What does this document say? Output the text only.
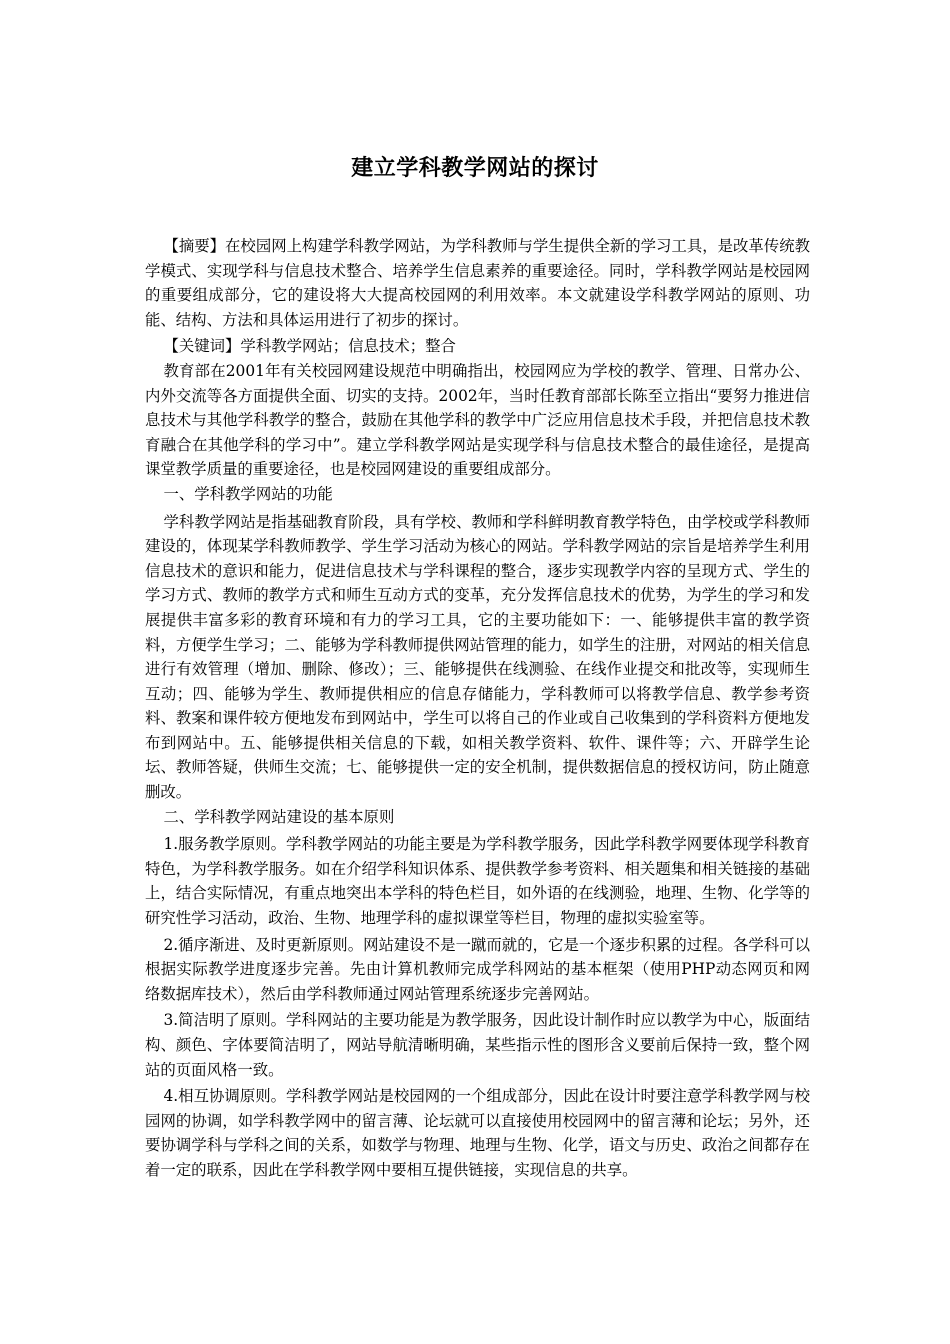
建立学科教学网站的探讨

【摘要】在校园网上构建学科教学网站，为学科教师与学生提供全新的学习工具，是改革传统教学模式、实现学科与信息技术整合、培养学生信息素养的重要途径。同时，学科教学网站是校园网的重要组成部分，它的建设将大大提高校园网的利用效率。本文就建设学科教学网站的原则、功能、结构、方法和具体运用进行了初步的探讨。

【关键词】学科教学网站；信息技术；整合

教育部在2001年有关校园网建设规范中明确指出，校园网应为学校的教学、管理、日常办公、内外交流等各方面提供全面、切实的支持。2002年，当时任教育部部长陈至立指出“要努力推进信息技术与其他学科教学的整合，鼓励在其他学科的教学中广泛应用信息技术手段，并把信息技术教育融合在其他学科的学习中”。建立学科教学网站是实现学科与信息技术整合的最佳途径，是提高课堂教学质量的重要途径，也是校园网建设的重要组成部分。

一、学科教学网站的功能

学科教学网站是指基础教育阶段，具有学校、教师和学科鲜明教育教学特色，由学校或学科教师建设的，体现某学科教师教学、学生学习活动为核心的网站。学科教学网站的宗旨是培养学生利用信息技术的意识和能力，促进信息技术与学科课程的整合，逐步实现教学内容的呈现方式、学生的学习方式、教师的教学方式和师生互动方式的变革，充分发挥信息技术的优势，为学生的学习和发展提供丰富多彩的教育环境和有力的学习工具，它的主要功能如下：一、能够提供丰富的教学资料，方便学生学习；二、能够为学科教师提供网站管理的能力，如学生的注册，对网站的相关信息进行有效管理（增加、删除、修改）；三、能够提供在线测验、在线作业提交和批改等，实现师生互动；四、能够为学生、教师提供相应的信息存储能力，学科教师可以将教学信息、教学参考资料、教案和课件较方便地发布到网站中，学生可以将自己的作业或自己收集到的学科资料方便地发布到网站中。五、能够提供相关信息的下载，如相关教学资料、软件、课件等；六、开辟学生论坛、教师答疑，供师生交流；七、能够提供一定的安全机制，提供数据信息的授权访问，防止随意删改。

二、学科教学网站建设的基本原则

1.服务教学原则。学科教学网站的功能主要是为学科教学服务，因此学科教学网要体现学科教育特色，为学科教学服务。如在介绍学科知识体系、提供教学参考资料、相关题集和相关链接的基础上，结合实际情况，有重点地突出本学科的特色栏目，如外语的在线测验，地理、生物、化学等的研究性学习活动，政治、生物、地理学科的虚拟课堂等栏目，物理的虚拟实验室等。

2.循序渐进、及时更新原则。网站建设不是一蹴而就的，它是一个逐步积累的过程。各学科可以根据实际教学进度逐步完善。先由计算机教师完成学科网站的基本框架（使用PHP动态网页和网络数据库技术），然后由学科教师通过网站管理系统逐步完善网站。

3.简洁明了原则。学科网站的主要功能是为教学服务，因此设计制作时应以教学为中心，版面结构、颜色、字体要简洁明了，网站导航清晰明确，某些指示性的图形含义要前后保持一致，整个网站的页面风格一致。

4.相互协调原则。学科教学网站是校园网的一个组成部分，因此在设计时要注意学科教学网与校园网的协调，如学科教学网中的留言薄、论坛就可以直接使用校园网中的留言薄和论坛；另外，还要协调学科与学科之间的关系，如数学与物理、地理与生物、化学，语文与历史、政治之间都存在着一定的联系，因此在学科教学网中要相互提供链接，实现信息的共享。
